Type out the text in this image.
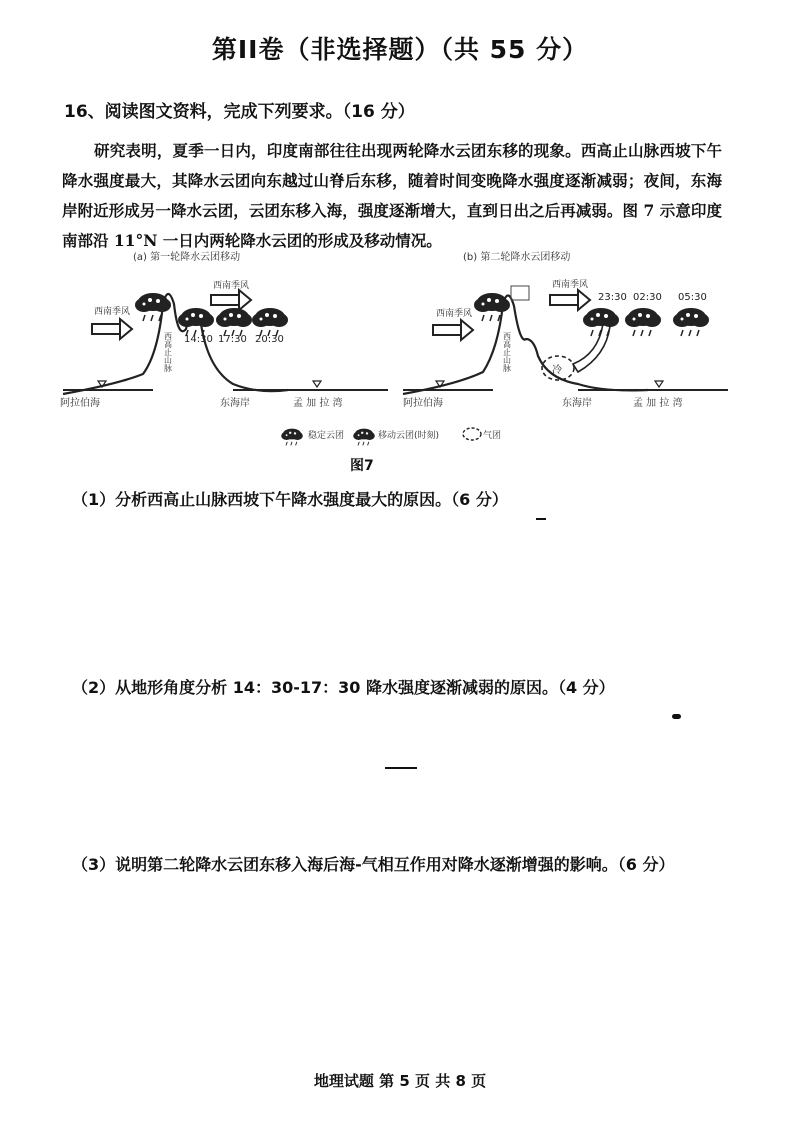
第II卷（非选择题）（共 55 分）
16、阅读图文资料，完成下列要求。（16 分）
研究表明，夏季一日内，印度南部往往出现两轮降水云团东移的现象。西高止山脉西坡下午降水强度最大，其降水云团向东越过山脊后东移，随着时间变晚降水强度逐渐减弱；夜间，东海岸附近形成另一降水云团，云团东移入海，强度逐渐增大，直到日出之后再减弱。图 7 示意印度南部沿 11°N 一日内两轮降水云团的形成及移动情况。
(a) 第一轮降水云团移动
西南季风
西南季风
西高止山脉 14:30 17:30 20:30
阿拉伯海	东海岸	孟 加 拉 湾
(b) 第二轮降水云团移动
西南季风
西南季风
西高止山脉	冷
23:30 02:30 05:30
阿拉伯海	东海岸	孟 加 拉 湾
稳定云团	移动云团(时刻)	气团
图7
（1）分析西高止山脉西坡下午降水强度最大的原因。（6 分）
（2）从地形角度分析 14：30-17：30 降水强度逐渐减弱的原因。（4 分）
（3）说明第二轮降水云团东移入海后海-气相互作用对降水逐渐增强的影响。（6 分）
地理试题 第 5 页 共 8 页
